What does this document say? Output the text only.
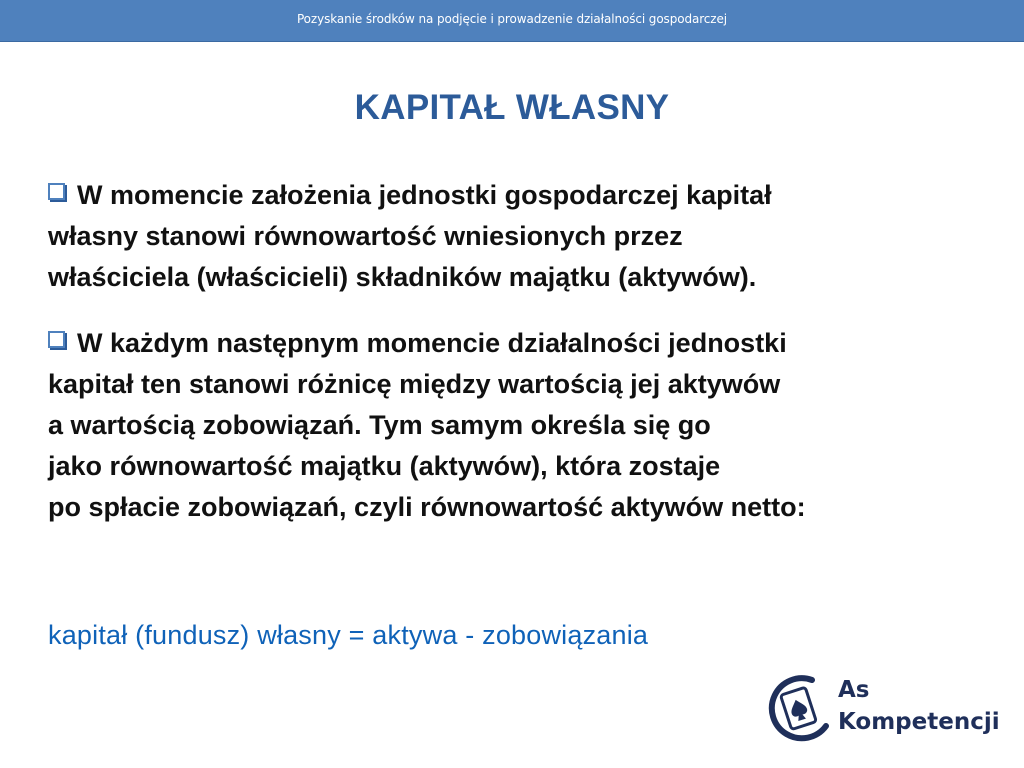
Pozyskanie środków na podjęcie i prowadzenie działalności gospodarczej
KAPITAŁ WŁASNY
W momencie założenia jednostki gospodarczej kapitał
własny stanowi równowartość wniesionych przez
właściciela (właścicieli) składników majątku (aktywów).
W każdym następnym momencie działalności jednostki
kapitał ten stanowi różnicę między wartością jej aktywów
a wartością zobowiązań. Tym samym określa się go
jako równowartość majątku (aktywów), która zostaje
po spłacie zobowiązań, czyli równowartość aktywów netto:
kapitał (fundusz) własny = aktywa - zobowiązania
As
Kompetencji
